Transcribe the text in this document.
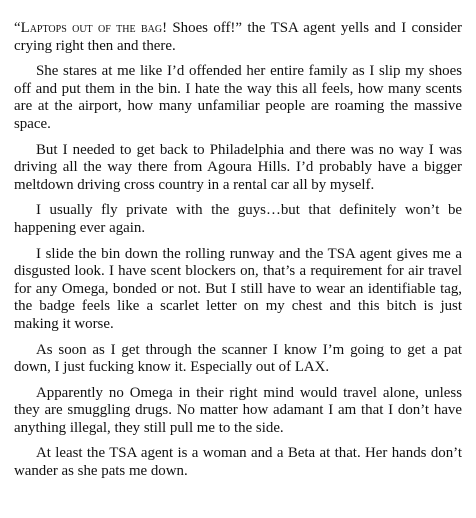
“Laptops out of the bag! Shoes off!” the TSA agent yells and I consider crying right then and there.

She stares at me like I’d offended her entire family as I slip my shoes off and put them in the bin. I hate the way this all feels, how many scents are at the airport, how many unfamiliar people are roaming the massive space.

But I needed to get back to Philadelphia and there was no way I was driving all the way there from Agoura Hills. I’d probably have a bigger meltdown driving cross country in a rental car all by myself.

I usually fly private with the guys…but that definitely won’t be happening ever again.

I slide the bin down the rolling runway and the TSA agent gives me a disgusted look. I have scent blockers on, that’s a requirement for air travel for any Omega, bonded or not. But I still have to wear an identifiable tag, the badge feels like a scarlet letter on my chest and this bitch is just making it worse.

As soon as I get through the scanner I know I’m going to get a pat down, I just fucking know it. Especially out of LAX.

Apparently no Omega in their right mind would travel alone, unless they are smuggling drugs. No matter how adamant I am that I don’t have anything illegal, they still pull me to the side.

At least the TSA agent is a woman and a Beta at that. Her hands don’t wander as she pats me down.
